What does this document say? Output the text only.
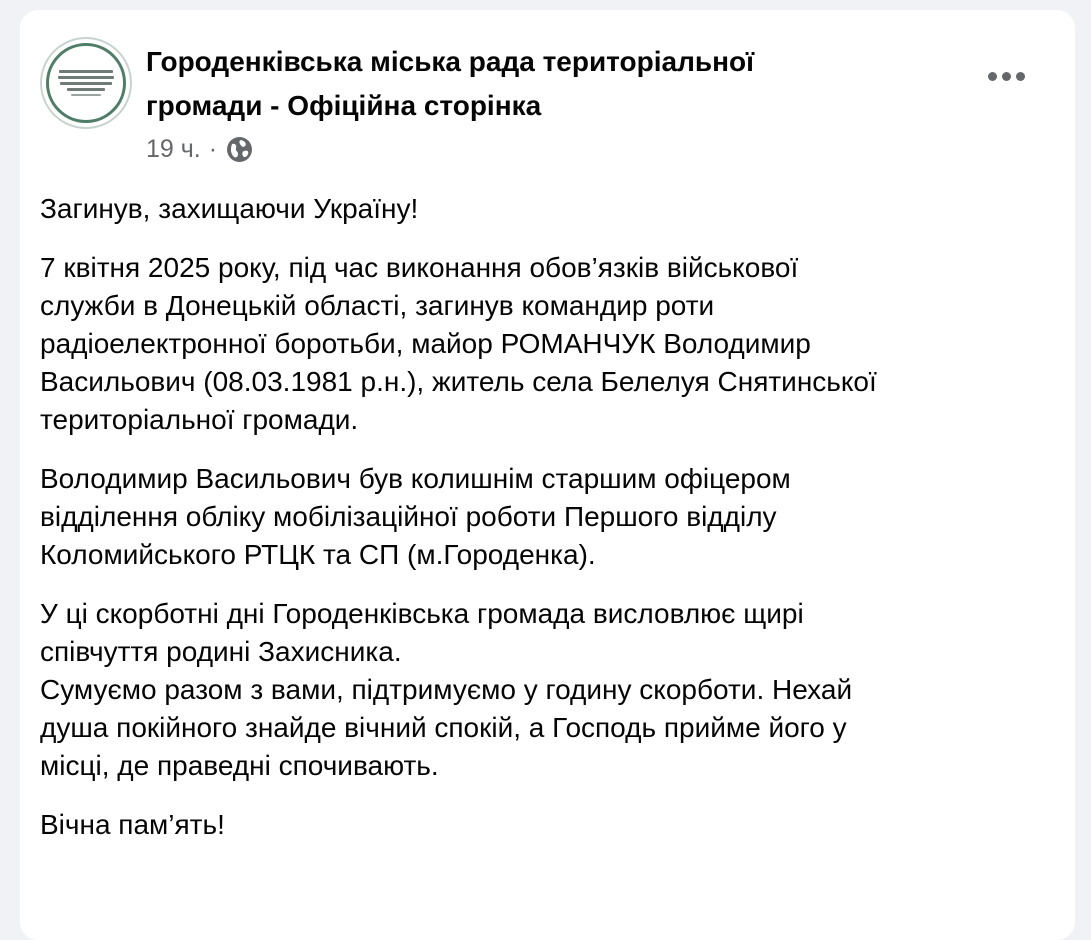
Городенківська міська рада територіальної
громади - Офіційна сторінка
19 ч. ·

Загинув, захищаючи Україну!

7 квітня 2025 року, під час виконання обов’язків військової
служби в Донецькій області, загинув командир роти
радіоелектронної боротьби, майор РОМАНЧУК Володимир
Васильович (08.03.1981 р.н.), житель села Белелуя Снятинської
територіальної громади.

Володимир Васильович був колишнім старшим офіцером
відділення обліку мобілізаційної роботи Першого відділу
Коломийського РТЦК та СП (м.Городенка).

У ці скорботні дні Городенківська громада висловлює щирі
співчуття родині Захисника.
Сумуємо разом з вами, підтримуємо у годину скорботи. Нехай
душа покійного знайде вічний спокій, а Господь прийме його у
місці, де праведні спочивають.

Вічна пам’ять!
